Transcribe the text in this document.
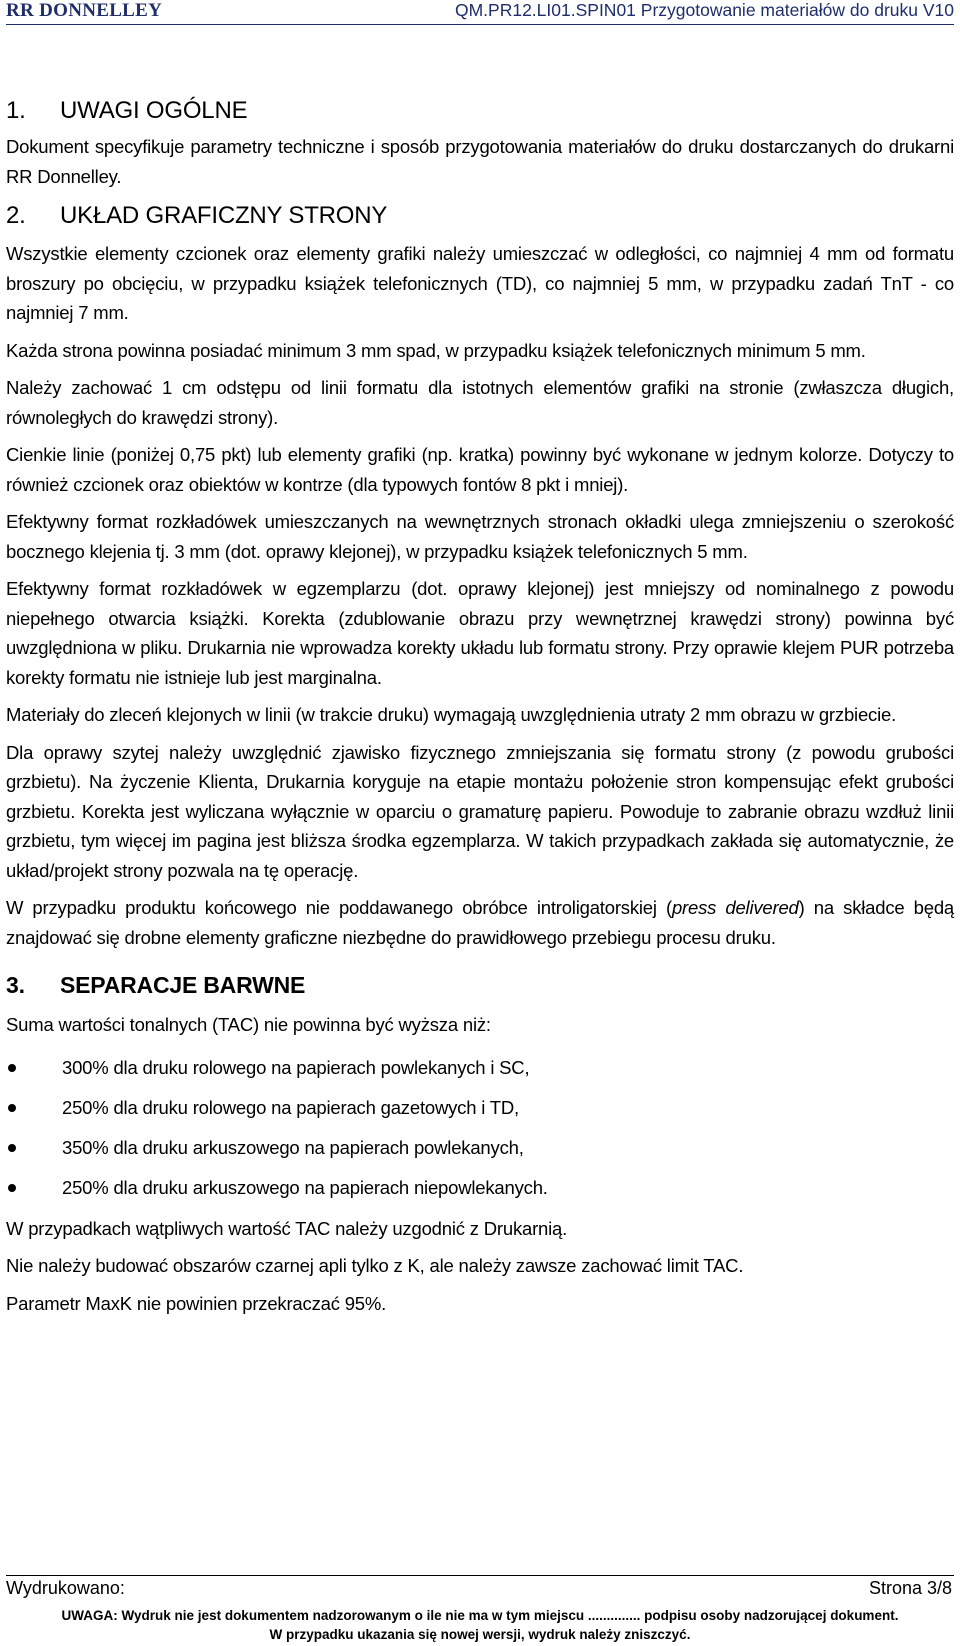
RR DONNELLEY	QM.PR12.LI01.SPIN01 Przygotowanie materiałów do druku V10
1.	UWAGI OGÓLNE

Dokument specyfikuje parametry techniczne i sposób przygotowania materiałów do druku dostarczanych do drukarni RR Donnelley.

2.	UKŁAD GRAFICZNY STRONY

Wszystkie elementy czcionek oraz elementy grafiki należy umieszczać w odległości, co najmniej 4 mm od formatu broszury po obcięciu, w przypadku książek telefonicznych (TD), co najmniej 5 mm, w przypadku zadań TnT - co najmniej 7 mm.

Każda strona powinna posiadać minimum 3 mm spad, w przypadku książek telefonicznych minimum 5 mm.

Należy zachować 1 cm odstępu od linii formatu dla istotnych elementów grafiki na stronie (zwłaszcza długich, równoległych do krawędzi strony).

Cienkie linie (poniżej 0,75 pkt) lub elementy grafiki (np. kratka) powinny być wykonane w jednym kolorze. Dotyczy to również czcionek oraz obiektów w kontrze (dla typowych fontów 8 pkt i mniej).

Efektywny format rozkładówek umieszczanych na wewnętrznych stronach okładki ulega zmniejszeniu o szerokość bocznego klejenia tj. 3 mm (dot. oprawy klejonej), w przypadku książek telefonicznych 5 mm.

Efektywny format rozkładówek w egzemplarzu (dot. oprawy klejonej) jest mniejszy od nominalnego z powodu niepełnego otwarcia książki. Korekta (zdublowanie obrazu przy wewnętrznej krawędzi strony) powinna być uwzględniona w pliku. Drukarnia nie wprowadza korekty układu lub formatu strony. Przy oprawie klejem PUR potrzeba korekty formatu nie istnieje lub jest marginalna.

Materiały do zleceń klejonych w linii (w trakcie druku) wymagają uwzględnienia utraty 2 mm obrazu w grzbiecie.

Dla oprawy szytej należy uwzględnić zjawisko fizycznego zmniejszania się formatu strony (z powodu grubości grzbietu). Na życzenie Klienta, Drukarnia koryguje na etapie montażu położenie stron kompensując efekt grubości grzbietu. Korekta jest wyliczana wyłącznie w oparciu o gramaturę papieru. Powoduje to zabranie obrazu wzdłuż linii grzbietu, tym więcej im pagina jest bliższa środka egzemplarza. W takich przypadkach zakłada się automatycznie, że układ/projekt strony pozwala na tę operację.

W przypadku produktu końcowego nie poddawanego obróbce introligatorskiej (press delivered) na składce będą znajdować się drobne elementy graficzne niezbędne do prawidłowego przebiegu procesu druku.

3.	SEPARACJE BARWNE

Suma wartości tonalnych (TAC) nie powinna być wyższa niż:

300% dla druku rolowego na papierach powlekanych i SC,
250% dla druku rolowego na papierach gazetowych i TD,
350% dla druku arkuszowego na papierach powlekanych,
250% dla druku arkuszowego na papierach niepowlekanych.

W przypadkach wątpliwych wartość TAC należy uzgodnić z Drukarnią.

Nie należy budować obszarów czarnej apli tylko z K, ale należy zawsze zachować limit TAC.

Parametr MaxK nie powinien przekraczać 95%.

Wydrukowano:	Strona 3/8
UWAGA: Wydruk nie jest dokumentem nadzorowanym o ile nie ma w tym miejscu .............. podpisu osoby nadzorującej dokument.
W przypadku ukazania się nowej wersji, wydruk należy zniszczyć.
